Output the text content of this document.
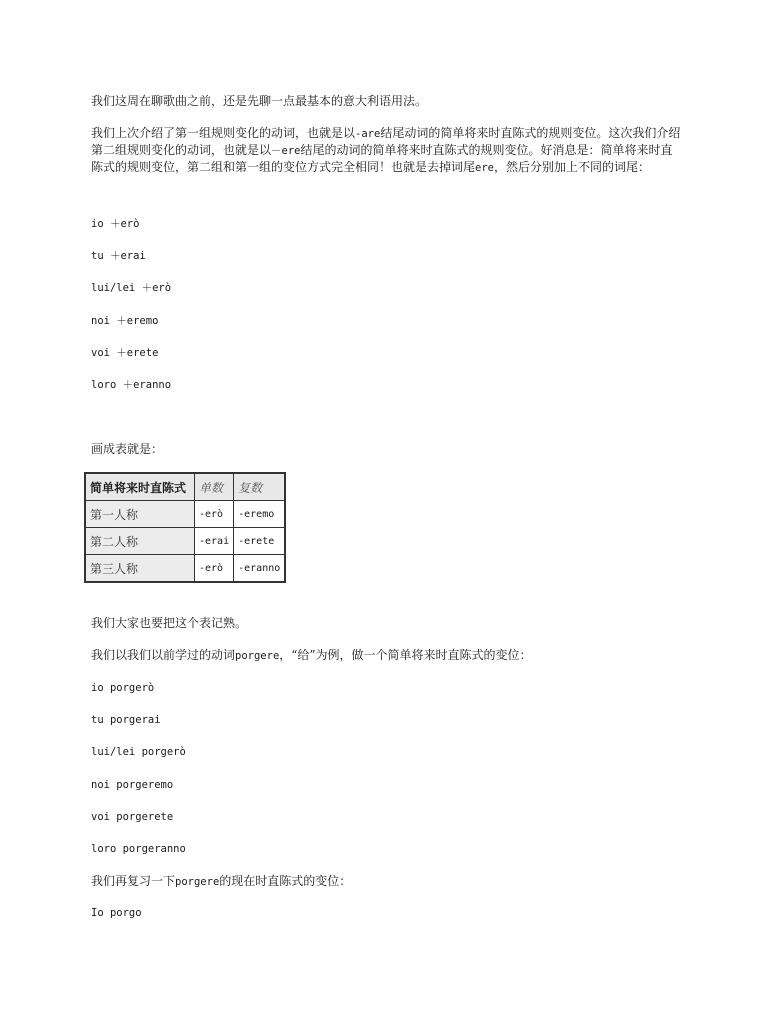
我们这周在聊歌曲之前，还是先聊一点最基本的意大利语用法。

我们上次介绍了第一组规则变化的动词，也就是以-are结尾动词的简单将来时直陈式的规则变位。这次我们介绍第二组规则变化的动词，也就是以－ere结尾的动词的简单将来时直陈式的规则变位。好消息是：简单将来时直陈式的规则变位，第二组和第一组的变位方式完全相同！也就是去掉词尾ere，然后分别加上不同的词尾：

io ＋erò
tu ＋erai
lui/lei ＋erò
noi ＋eremo
voi ＋erete
loro ＋eranno

画成表就是：

简单将来时直陈式	单数	复数
第一人称	-erò	-eremo
第二人称	-erai	-erete
第三人称	-erò	-eranno

我们大家也要把这个表记熟。

我们以我们以前学过的动词porgere，“给”为例，做一个简单将来时直陈式的变位：

io porgerò
tu porgerai
lui/lei porgerò
noi porgeremo
voi porgerete
loro porgeranno

我们再复习一下porgere的现在时直陈式的变位：

Io porgo
